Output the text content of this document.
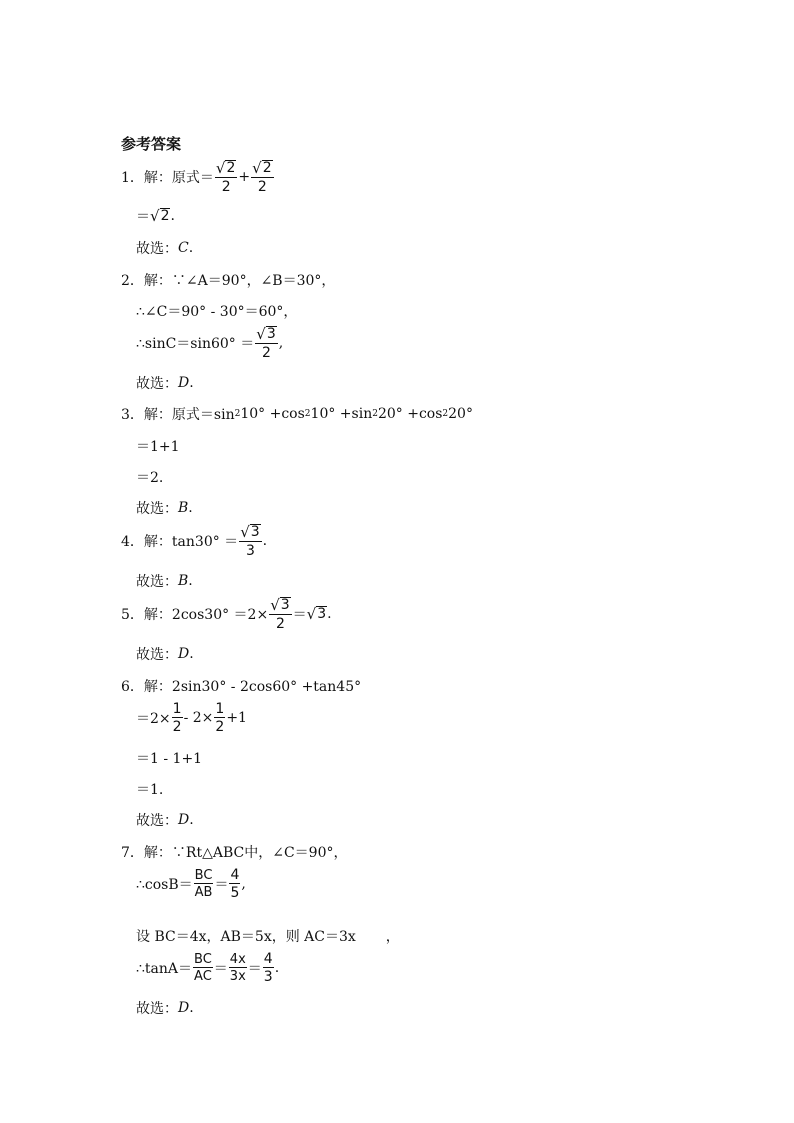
参考答案
1． 解：原式＝ $\frac{√ 2}{2} + \frac{√ 2}{2}$
＝ √ 2 .
故选： C .
2． 解：∵∠A＝90°，∠B＝30°，
∴∠C＝90° - 30°＝60°，
∴sinC＝sin60° ＝ $\frac{√ 3}{2}$ ,
故选： D .
3． 解：原式＝sin 2 10° +cos 2 10° +sin 2 20° +cos 2 20°
＝1+1
＝2.
故选： B .
4． 解：$\tan 30^\circ = \frac{√ 3}{3}$ .
故选： B .
5． 解：$2\cos 30^\circ =2\times \frac{√ 3}{2}$ ＝ √ 3 .
故选： D .
6． 解：2sin30° - 2cos60° +tan45°
$=2\times \frac{1}{2} - 2\times \frac{1}{2} +1$
＝1 - 1+1
＝1.
故选： D .
7． 解：∵Rt△ABC中，∠C＝90°，
∴cosB＝ $\frac{BC}{AB} = \frac{4}{5}$ ,
设 BC＝4x，AB＝5x，则 AC＝3x ，
∴tanA＝ $\frac{BC}{AC} = \frac{4x}{3x} = \frac{4}{3}$ .
故选： D .
